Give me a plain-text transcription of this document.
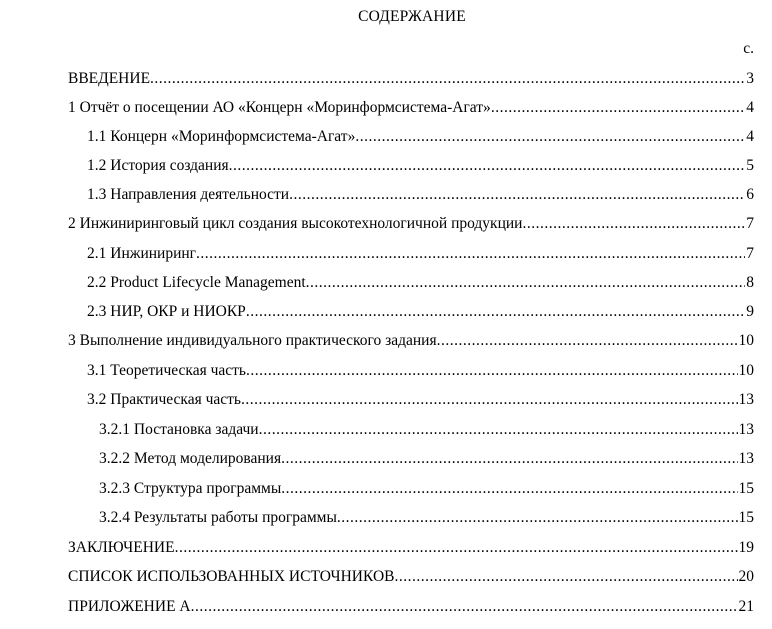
СОДЕРЖАНИЕ
с.
ВВЕДЕНИЕ .....	3
1 Отчёт о посещении АО «Концерн «Моринформсистема-Агат» .....	4
1.1 Концерн «Моринформсистема-Агат» .....	4
1.2 История создания .....	5
1.3 Направления деятельности .....	6
2 Инжиниринговый цикл создания высокотехнологичной продукции .....	7
2.1 Инжиниринг .....	7
2.2 Product Lifecycle Management .....	8
2.3 НИР, ОКР и НИОКР .....	9
3 Выполнение индивидуального практического задания .....	10
3.1 Теоретическая часть .....	10
3.2 Практическая часть .....	13
3.2.1 Постановка задачи .....	13
3.2.2 Метод моделирования .....	13
3.2.3 Структура программы .....	15
3.2.4 Результаты работы программы .....	15
ЗАКЛЮЧЕНИЕ .....	19
СПИСОК ИСПОЛЬЗОВАННЫХ ИСТОЧНИКОВ .....	20
ПРИЛОЖЕНИЕ А .....	21
